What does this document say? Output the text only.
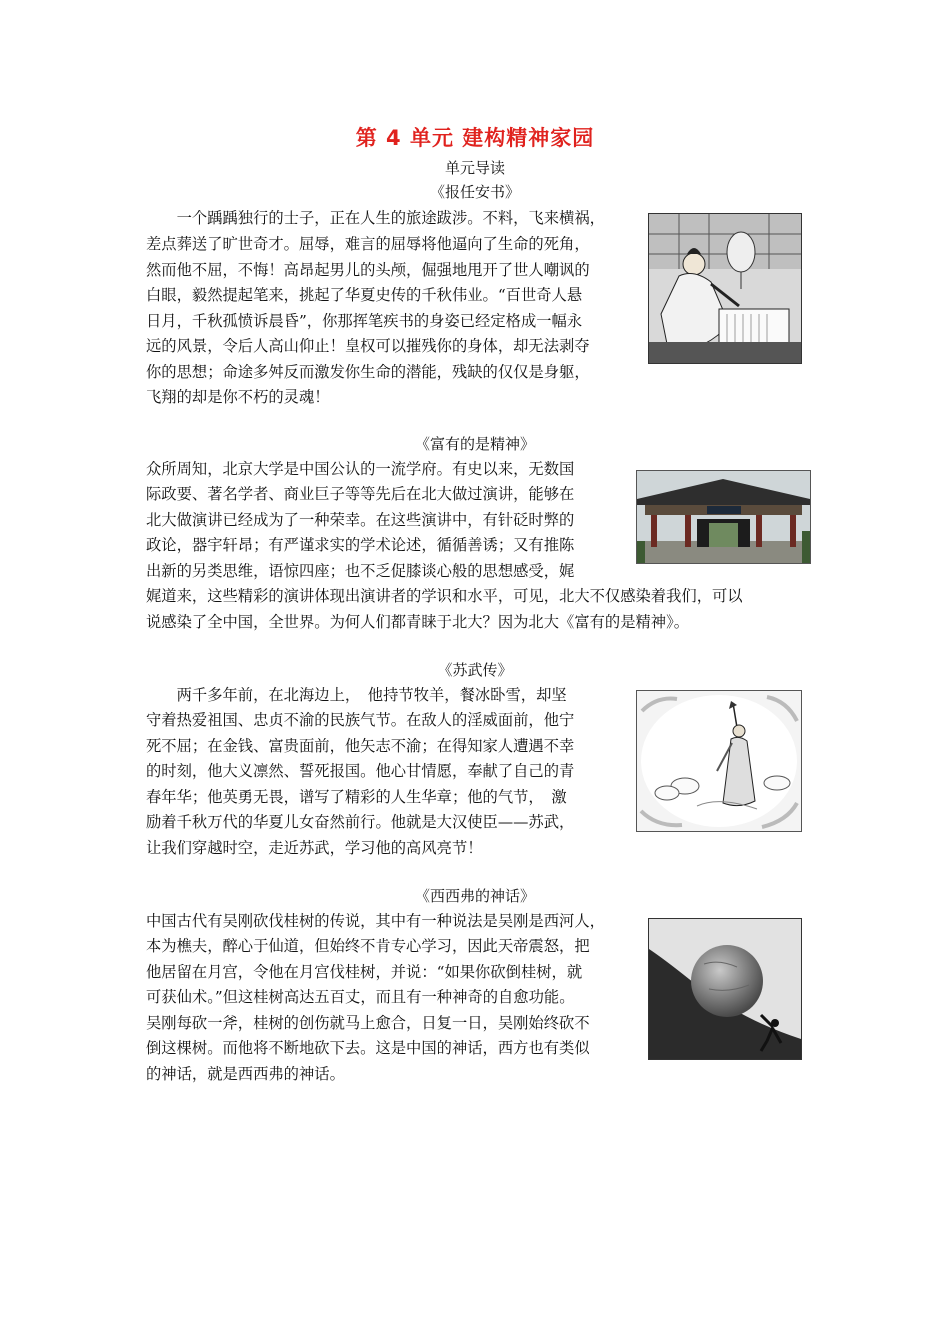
第 4 单元 建构精神家园
单元导读
《报任安书》
　　一个踽踽独行的士子，正在人生的旅途跋涉。不料，飞来横祸，
差点葬送了旷世奇才。屈辱，难言的屈辱将他逼向了生命的死角，
然而他不屈，不悔！高昂起男儿的头颅，倔强地甩开了世人嘲讽的
白眼，毅然提起笔来，挑起了华夏史传的千秋伟业。“百世奇人悬
日月，千秋孤愤诉晨昏”，你那挥笔疾书的身姿已经定格成一幅永
远的风景，令后人高山仰止！皇权可以摧残你的身体，却无法剥夺
你的思想；命途多舛反而激发你生命的潜能，残缺的仅仅是身躯，
飞翔的却是你不朽的灵魂！
《富有的是精神》
众所周知，北京大学是中国公认的一流学府。有史以来，无数国
际政要、著名学者、商业巨子等等先后在北大做过演讲，能够在
北大做演讲已经成为了一种荣幸。在这些演讲中，有针砭时弊的
政论，器宇轩昂；有严谨求实的学术论述，循循善诱；又有推陈
出新的另类思维，语惊四座；也不乏促膝谈心般的思想感受，娓
娓道来，这些精彩的演讲体现出演讲者的学识和水平，可见，北大不仅感染着我们，可以
说感染了全中国，全世界。为何人们都青睐于北大？因为北大《富有的是精神》。
《苏武传》
　　两千多年前，在北海边上，　他持节牧羊，餐冰卧雪，却坚
守着热爱祖国、忠贞不渝的民族气节。在敌人的淫威面前，他宁
死不屈；在金钱、富贵面前，他矢志不渝；在得知家人遭遇不幸
的时刻，他大义凛然、誓死报国。他心甘情愿，奉献了自己的青
春年华；他英勇无畏，谱写了精彩的人生华章；他的气节，　激
励着千秋万代的华夏儿女奋然前行。他就是大汉使臣——苏武，
让我们穿越时空，走近苏武，学习他的高风亮节！
《西西弗的神话》
中国古代有吴刚砍伐桂树的传说，其中有一种说法是吴刚是西河人，
本为樵夫，醉心于仙道，但始终不肯专心学习，因此天帝震怒，把
他居留在月宫，令他在月宫伐桂树，并说：“如果你砍倒桂树，就
可获仙术。”但这桂树高达五百丈，而且有一种神奇的自愈功能。
吴刚每砍一斧，桂树的创伤就马上愈合，日复一日，吴刚始终砍不
倒这棵树。而他将不断地砍下去。这是中国的神话，西方也有类似
的神话，就是西西弗的神话。
